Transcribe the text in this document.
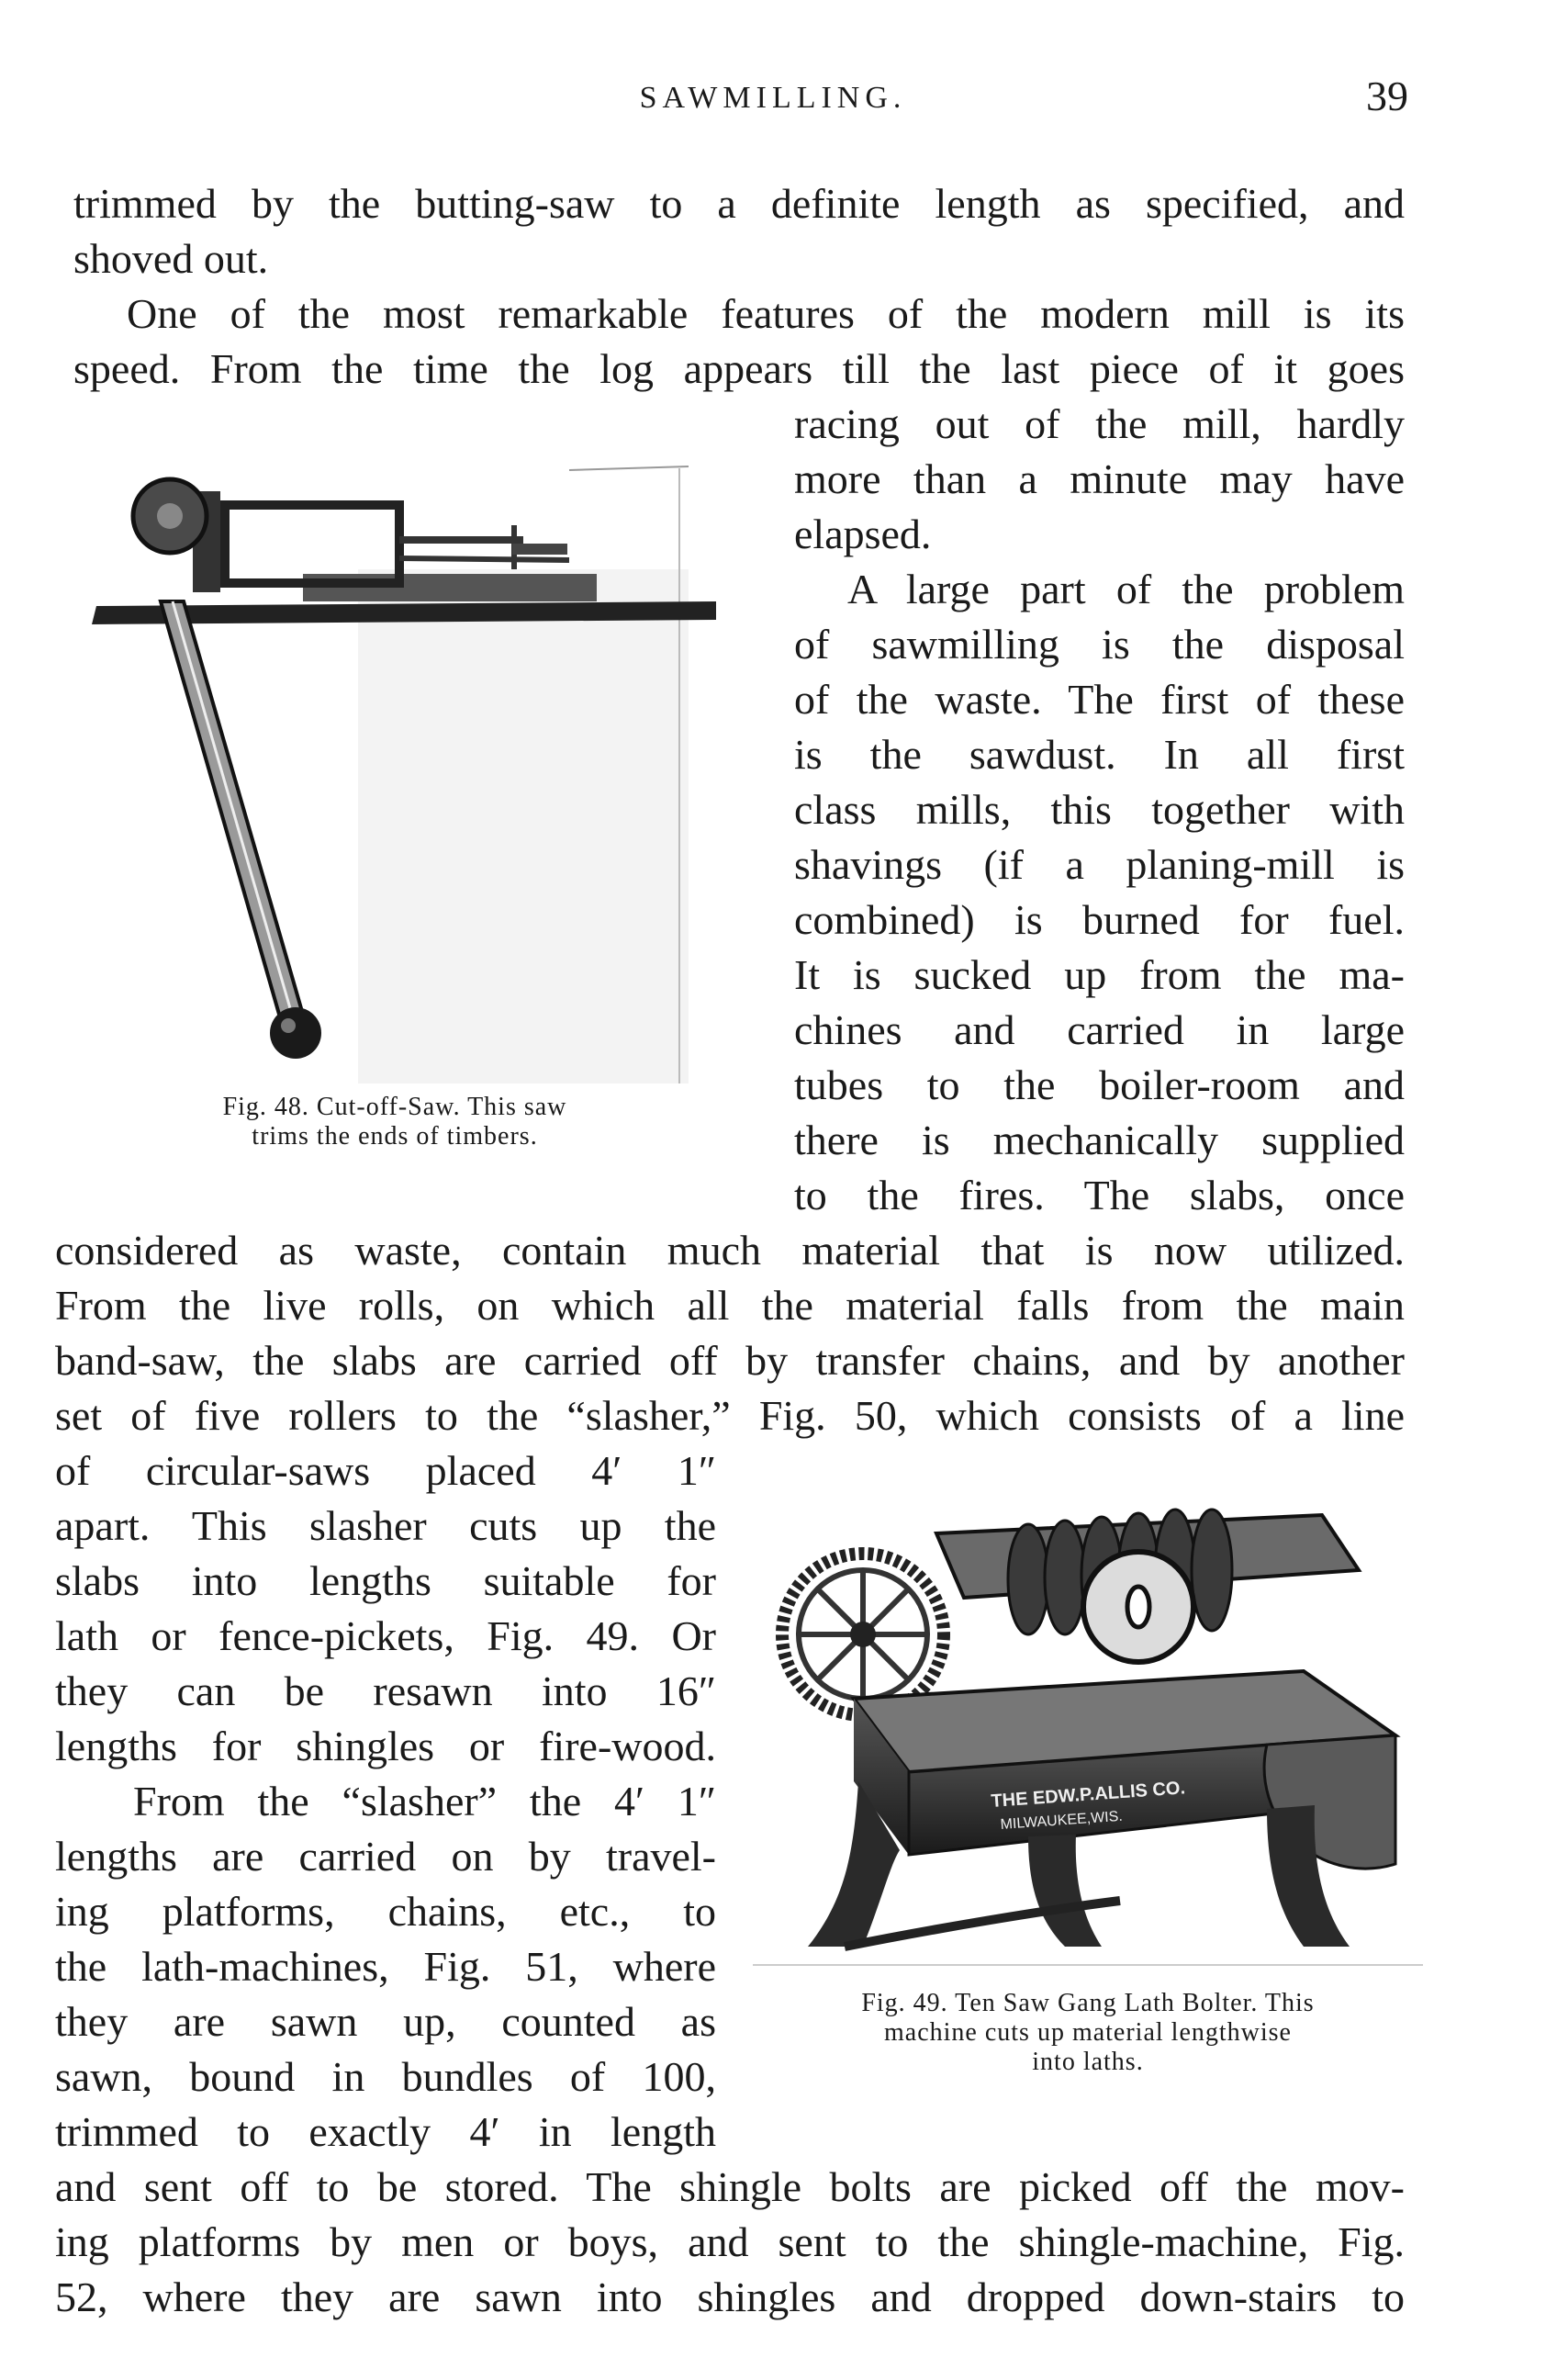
SAWMILLING.	39
trimmed by the butting-saw to a definite length as specified, and
shoved out.
One of the most remarkable features of the modern mill is its
speed. From the time the log appears till the last piece of it goes
racing out of the mill, hardly
more than a minute may have
elapsed.
A large part of the problem
of sawmilling is the disposal
of the waste. The first of these
is the sawdust. In all first
class mills, this together with
shavings (if a planing-mill is
combined) is burned for fuel.
It is sucked up from the ma-
chines and carried in large
tubes to the boiler-room and
there is mechanically supplied
to the fires. The slabs, once
considered as waste, contain much material that is now utilized.
From the live rolls, on which all the material falls from the main
band-saw, the slabs are carried off by transfer chains, and by another
set of five rollers to the “slasher,” Fig. 50, which consists of a line
of circular-saws placed 4′ 1″
apart. This slasher cuts up the
slabs into lengths suitable for
lath or fence-pickets, Fig. 49. Or
they can be resawn into 16″
lengths for shingles or fire-wood.
From the “slasher” the 4′ 1″
lengths are carried on by travel-
ing platforms, chains, etc., to
the lath-machines, Fig. 51, where
they are sawn up, counted as
sawn, bound in bundles of 100,
trimmed to exactly 4′ in length
and sent off to be stored. The shingle bolts are picked off the mov-
ing platforms by men or boys, and sent to the shingle-machine, Fig.
52, where they are sawn into shingles and dropped down-stairs to
Fig. 48. Cut-off-Saw. This saw
trims the ends of timbers.
THE EDW.P.ALLIS CO.
MILWAUKEE,WIS.
Fig. 49. Ten Saw Gang Lath Bolter. This
machine cuts up material lengthwise
into laths.
